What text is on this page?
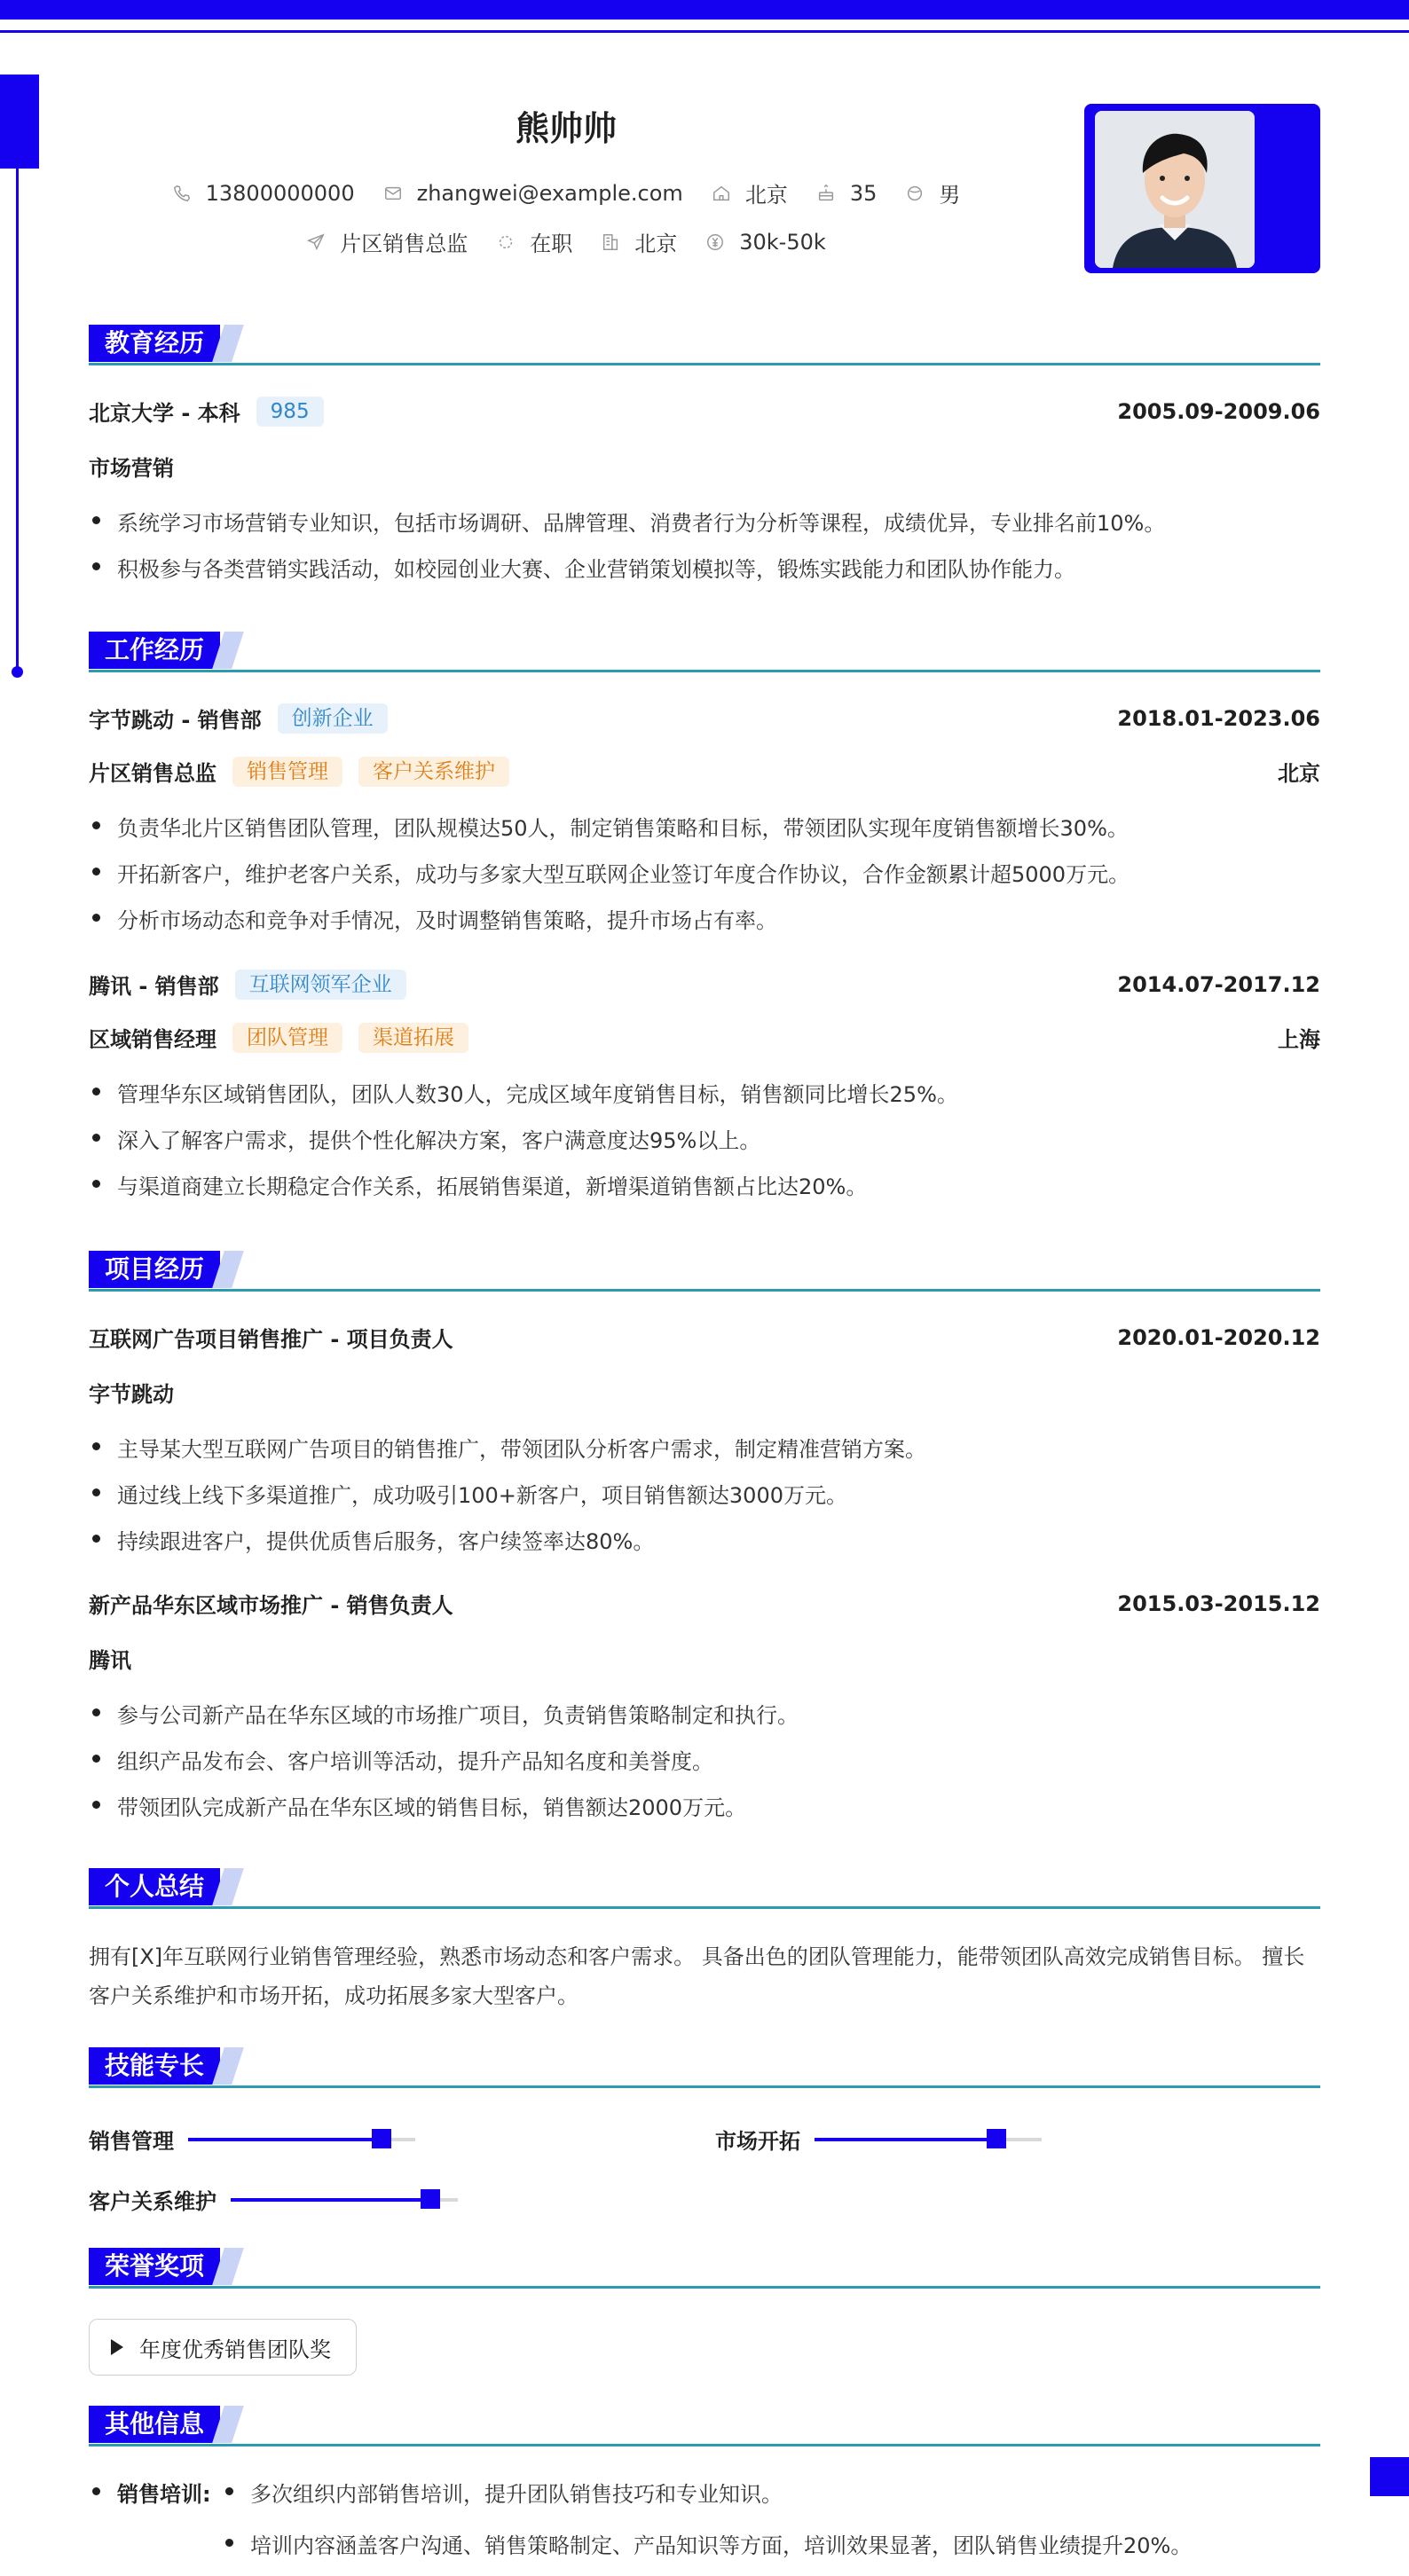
熊帅帅
13800000000	zhangwei@example.com	北京	35	男
片区销售总监	在职	北京	30k-50k
教育经历
北京大学 - 本科	985	2005.09-2009.06
市场营销
系统学习市场营销专业知识，包括市场调研、品牌管理、消费者行为分析等课程，成绩优异，专业排名前10%。
积极参与各类营销实践活动，如校园创业大赛、企业营销策划模拟等，锻炼实践能力和团队协作能力。
工作经历
字节跳动 - 销售部	创新企业	2018.01-2023.06
片区销售总监	销售管理	客户关系维护	北京
负责华北片区销售团队管理，团队规模达50人，制定销售策略和目标，带领团队实现年度销售额增长30%。
开拓新客户，维护老客户关系，成功与多家大型互联网企业签订年度合作协议，合作金额累计超5000万元。
分析市场动态和竞争对手情况，及时调整销售策略，提升市场占有率。
腾讯 - 销售部	互联网领军企业	2014.07-2017.12
区域销售经理	团队管理	渠道拓展	上海
管理华东区域销售团队，团队人数30人，完成区域年度销售目标，销售额同比增长25%。
深入了解客户需求，提供个性化解决方案，客户满意度达95%以上。
与渠道商建立长期稳定合作关系，拓展销售渠道，新增渠道销售额占比达20%。
项目经历
互联网广告项目销售推广 - 项目负责人	2020.01-2020.12
字节跳动
主导某大型互联网广告项目的销售推广，带领团队分析客户需求，制定精准营销方案。
通过线上线下多渠道推广，成功吸引100+新客户，项目销售额达3000万元。
持续跟进客户，提供优质售后服务，客户续签率达80%。
新产品华东区域市场推广 - 销售负责人	2015.03-2015.12
腾讯
参与公司新产品在华东区域的市场推广项目，负责销售策略制定和执行。
组织产品发布会、客户培训等活动，提升产品知名度和美誉度。
带领团队完成新产品在华东区域的销售目标，销售额达2000万元。
个人总结
拥有[X]年互联网行业销售管理经验，熟悉市场动态和客户需求。 具备出色的团队管理能力，能带领团队高效完成销售目标。 擅长
客户关系维护和市场开拓，成功拓展多家大型客户。
技能专长
销售管理	市场开拓
客户关系维护
荣誉奖项
年度优秀销售团队奖
其他信息
销售培训:	多次组织内部销售培训，提升团队销售技巧和专业知识。
培训内容涵盖客户沟通、销售策略制定、产品知识等方面，培训效果显著，团队销售业绩提升20%。
